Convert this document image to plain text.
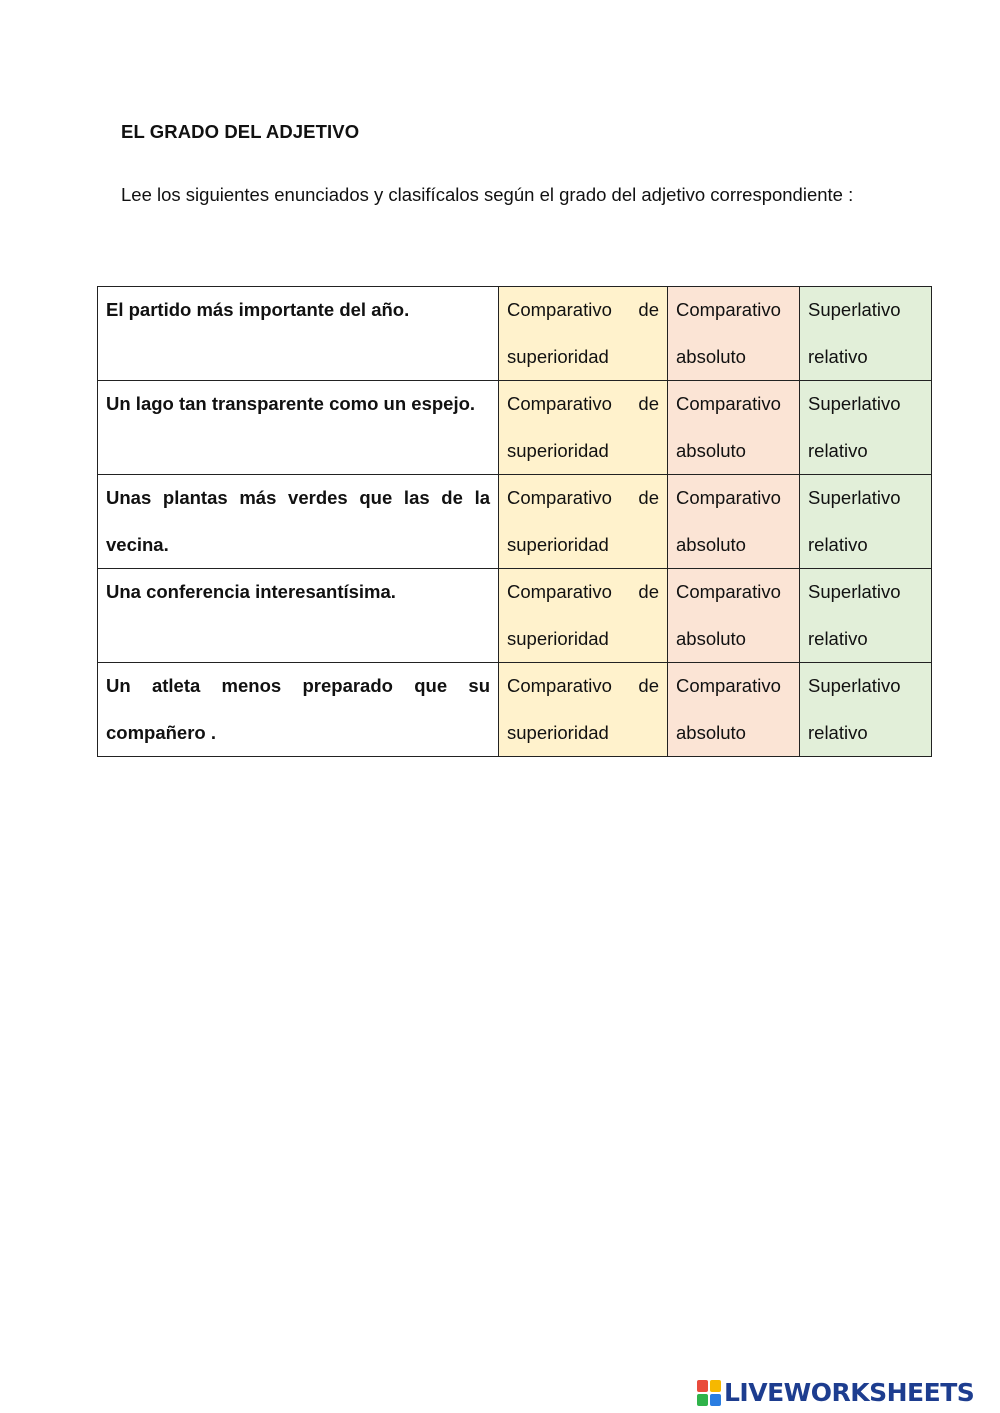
EL GRADO DEL ADJETIVO
Lee los siguientes enunciados y clasifícalos según el grado del adjetivo correspondiente :
El partido más importante del año.	Comparativo de superioridad	Comparativo absoluto	Superlativo relativo
Un lago tan transparente como un espejo.	Comparativo de superioridad	Comparativo absoluto	Superlativo relativo
Unas plantas más verdes que las de la vecina.	Comparativo de superioridad	Comparativo absoluto	Superlativo relativo
Una conferencia interesantísima.	Comparativo de superioridad	Comparativo absoluto	Superlativo relativo
Un atleta menos preparado que su compañero .	Comparativo de superioridad	Comparativo absoluto	Superlativo relativo
LIVEWORKSHEETS
